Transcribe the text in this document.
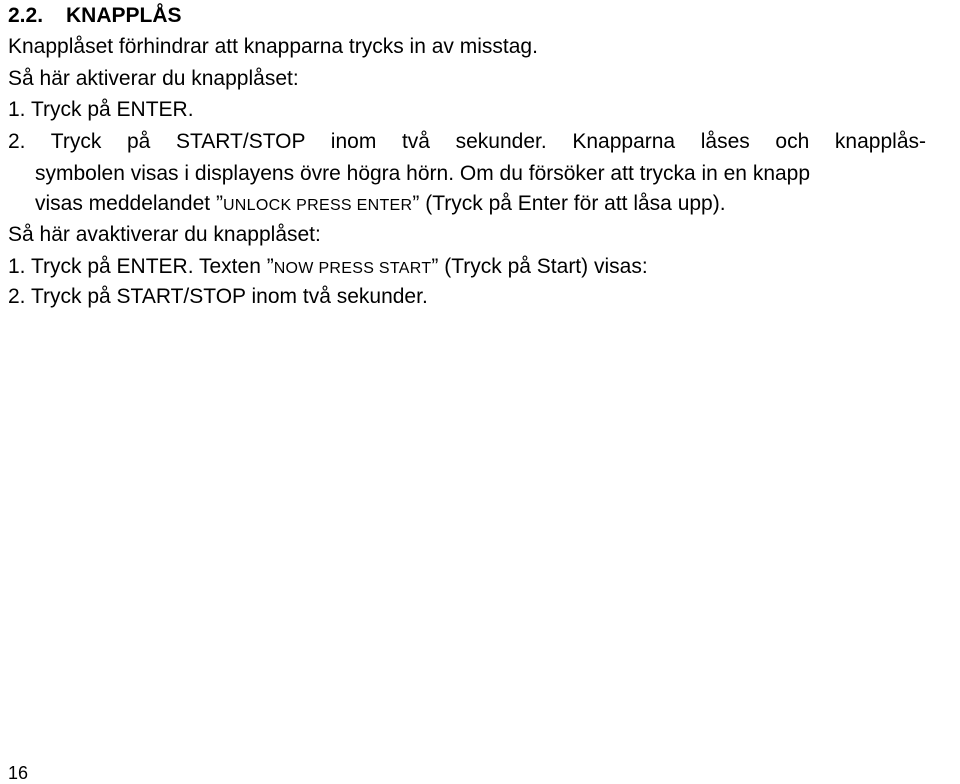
2.2. KNAPPLÅS
Knapplåset förhindrar att knapparna trycks in av misstag.
Så här aktiverar du knapplåset:
1. Tryck på ENTER.
2. Tryck på START/STOP inom två sekunder. Knapparna låses och knapplås-
symbolen visas i displayens övre högra hörn. Om du försöker att trycka in en knapp
visas meddelandet ”UNLOCK PRESS ENTER” (Tryck på Enter för att låsa upp).
Så här avaktiverar du knapplåset:
1. Tryck på ENTER. Texten ”NOW PRESS START” (Tryck på Start) visas:
2. Tryck på START/STOP inom två sekunder.
16
